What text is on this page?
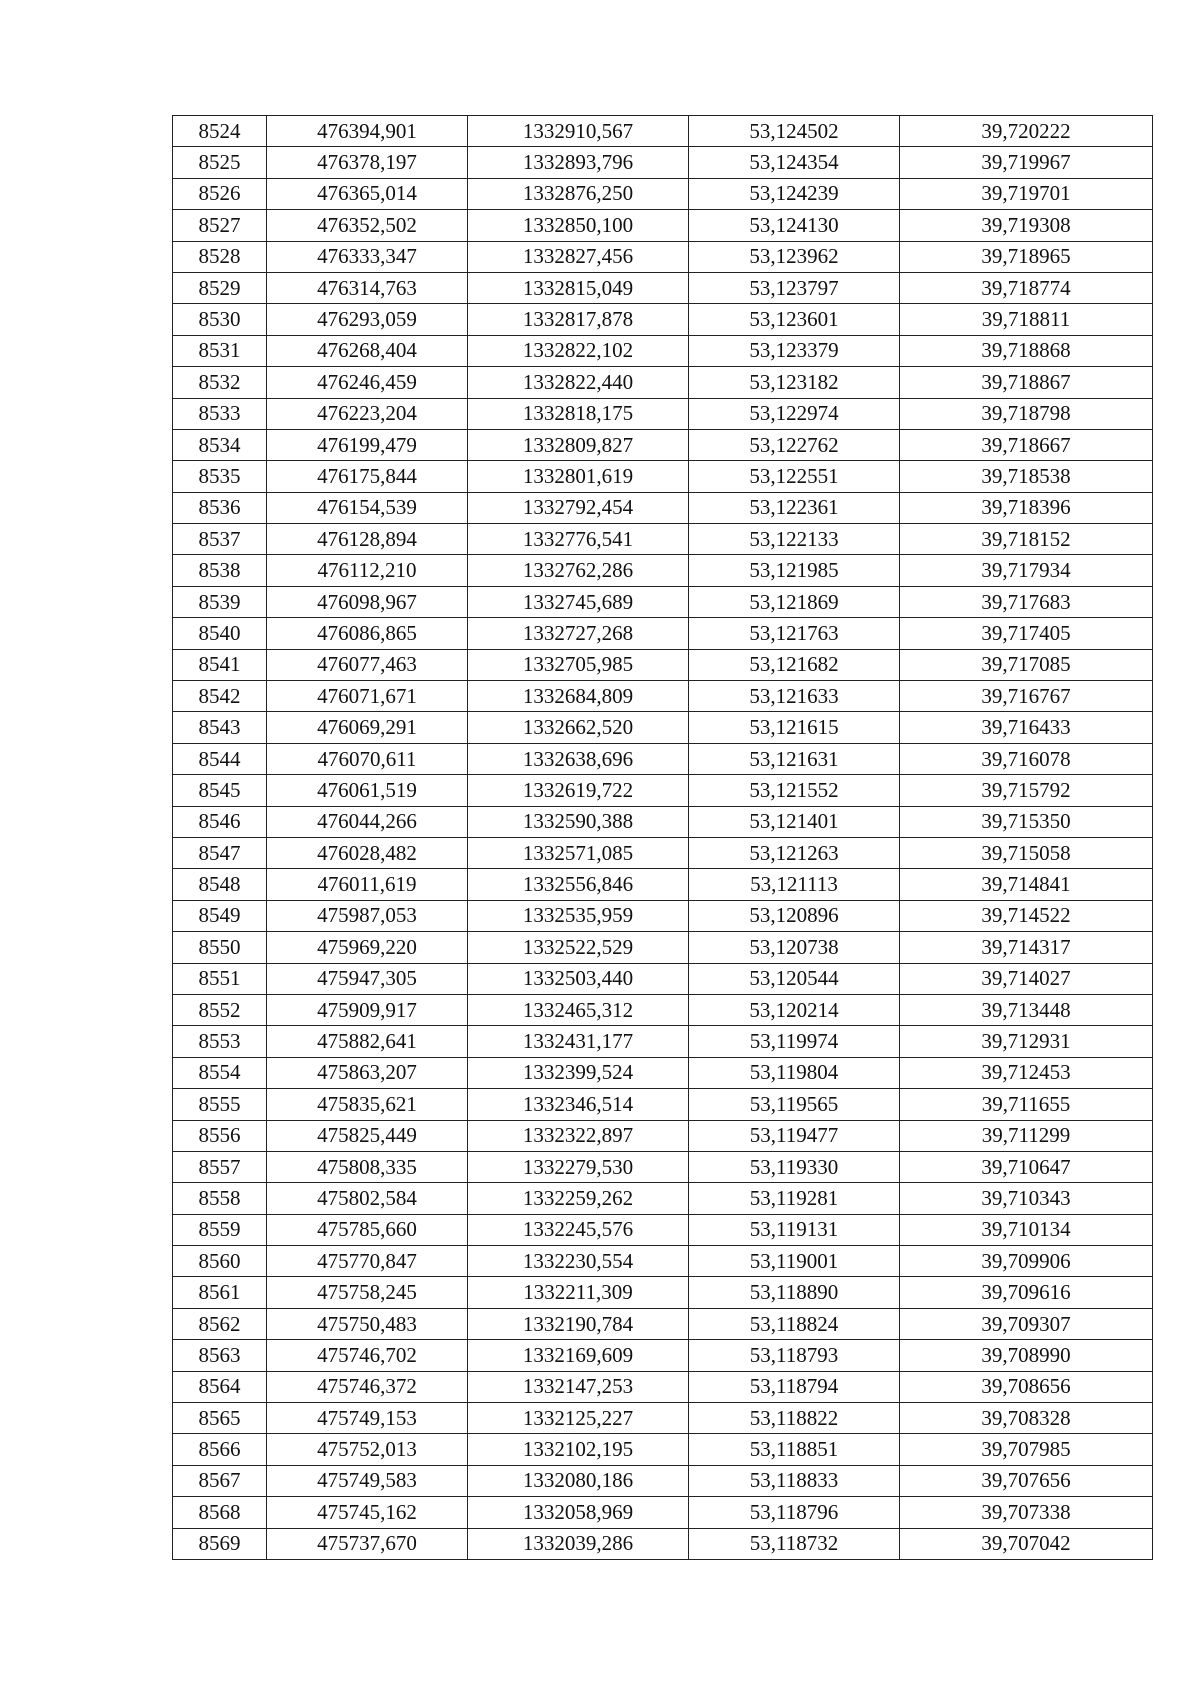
8524	476394,901	1332910,567	53,124502	39,720222
8525	476378,197	1332893,796	53,124354	39,719967
8526	476365,014	1332876,250	53,124239	39,719701
8527	476352,502	1332850,100	53,124130	39,719308
8528	476333,347	1332827,456	53,123962	39,718965
8529	476314,763	1332815,049	53,123797	39,718774
8530	476293,059	1332817,878	53,123601	39,718811
8531	476268,404	1332822,102	53,123379	39,718868
8532	476246,459	1332822,440	53,123182	39,718867
8533	476223,204	1332818,175	53,122974	39,718798
8534	476199,479	1332809,827	53,122762	39,718667
8535	476175,844	1332801,619	53,122551	39,718538
8536	476154,539	1332792,454	53,122361	39,718396
8537	476128,894	1332776,541	53,122133	39,718152
8538	476112,210	1332762,286	53,121985	39,717934
8539	476098,967	1332745,689	53,121869	39,717683
8540	476086,865	1332727,268	53,121763	39,717405
8541	476077,463	1332705,985	53,121682	39,717085
8542	476071,671	1332684,809	53,121633	39,716767
8543	476069,291	1332662,520	53,121615	39,716433
8544	476070,611	1332638,696	53,121631	39,716078
8545	476061,519	1332619,722	53,121552	39,715792
8546	476044,266	1332590,388	53,121401	39,715350
8547	476028,482	1332571,085	53,121263	39,715058
8548	476011,619	1332556,846	53,121113	39,714841
8549	475987,053	1332535,959	53,120896	39,714522
8550	475969,220	1332522,529	53,120738	39,714317
8551	475947,305	1332503,440	53,120544	39,714027
8552	475909,917	1332465,312	53,120214	39,713448
8553	475882,641	1332431,177	53,119974	39,712931
8554	475863,207	1332399,524	53,119804	39,712453
8555	475835,621	1332346,514	53,119565	39,711655
8556	475825,449	1332322,897	53,119477	39,711299
8557	475808,335	1332279,530	53,119330	39,710647
8558	475802,584	1332259,262	53,119281	39,710343
8559	475785,660	1332245,576	53,119131	39,710134
8560	475770,847	1332230,554	53,119001	39,709906
8561	475758,245	1332211,309	53,118890	39,709616
8562	475750,483	1332190,784	53,118824	39,709307
8563	475746,702	1332169,609	53,118793	39,708990
8564	475746,372	1332147,253	53,118794	39,708656
8565	475749,153	1332125,227	53,118822	39,708328
8566	475752,013	1332102,195	53,118851	39,707985
8567	475749,583	1332080,186	53,118833	39,707656
8568	475745,162	1332058,969	53,118796	39,707338
8569	475737,670	1332039,286	53,118732	39,707042
